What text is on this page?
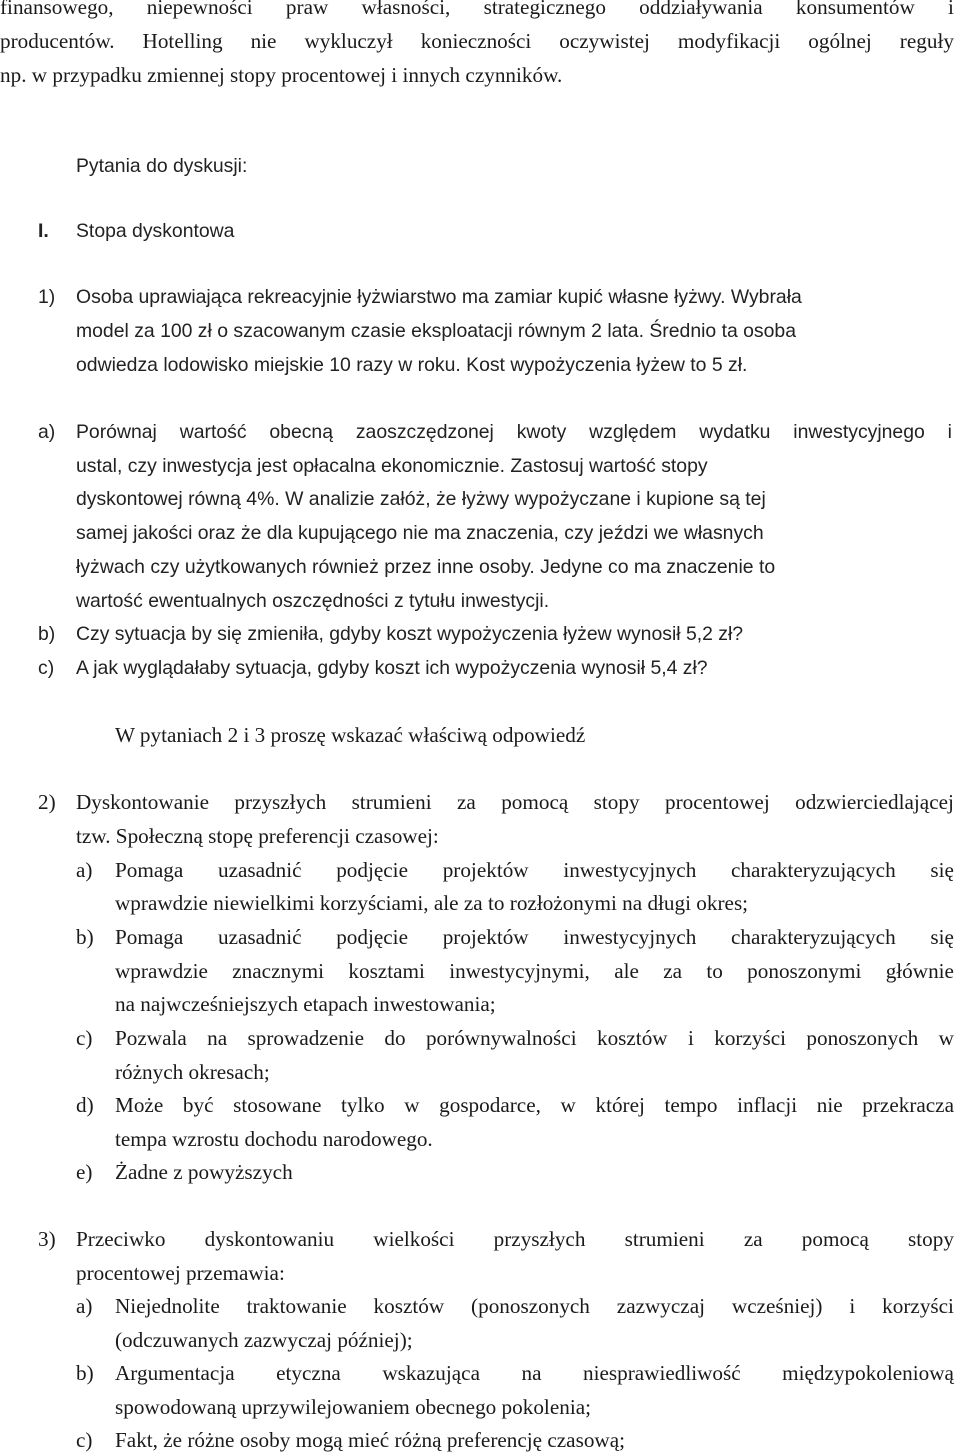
finansowego, niepewności praw własności, strategicznego oddziaływania konsumentów i
producentów. Hotelling nie wykluczył konieczności oczywistej modyfikacji ogólnej reguły
np. w przypadku zmiennej stopy procentowej i innych czynników.
Pytania do dyskusji:
I. Stopa dyskontowa
1) Osoba uprawiająca rekreacyjnie łyżwiarstwo ma zamiar kupić własne łyżwy. Wybrała
model za 100 zł o szacowanym czasie eksploatacji równym 2 lata. Średnio ta osoba
odwiedza lodowisko miejskie 10 razy w roku. Kost wypożyczenia łyżew to 5 zł.
a) Porównaj wartość obecną zaoszczędzonej kwoty względem wydatku inwestycyjnego i
ustal, czy inwestycja jest opłacalna ekonomicznie. Zastosuj wartość stopy
dyskontowej równą 4%. W analizie załóż, że łyżwy wypożyczane i kupione są tej
samej jakości oraz że dla kupującego nie ma znaczenia, czy jeździ we własnych
łyżwach czy użytkowanych również przez inne osoby. Jedyne co ma znaczenie to
wartość ewentualnych oszczędności z tytułu inwestycji.
b) Czy sytuacja by się zmieniła, gdyby koszt wypożyczenia łyżew wynosił 5,2 zł?
c) A jak wyglądałaby sytuacja, gdyby koszt ich wypożyczenia wynosił 5,4 zł?
W pytaniach 2 i 3 proszę wskazać właściwą odpowiedź
2) Dyskontowanie przyszłych strumieni za pomocą stopy procentowej odzwierciedlającej
tzw. Społeczną stopę preferencji czasowej:
a) Pomaga uzasadnić podjęcie projektów inwestycyjnych charakteryzujących się
wprawdzie niewielkimi korzyściami, ale za to rozłożonymi na długi okres;
b) Pomaga uzasadnić podjęcie projektów inwestycyjnych charakteryzujących się
wprawdzie znacznymi kosztami inwestycyjnymi, ale za to ponoszonymi głównie
na najwcześniejszych etapach inwestowania;
c) Pozwala na sprowadzenie do porównywalności kosztów i korzyści ponoszonych w
różnych okresach;
d) Może być stosowane tylko w gospodarce, w której tempo inflacji nie przekracza
tempa wzrostu dochodu narodowego.
e) Żadne z powyższych
3) Przeciwko dyskontowaniu wielkości przyszłych strumieni za pomocą stopy
procentowej przemawia:
a) Niejednolite traktowanie kosztów (ponoszonych zazwyczaj wcześniej) i korzyści
(odczuwanych zazwyczaj później);
b) Argumentacja etyczna wskazująca na niesprawiedliwość międzypokoleniową
spowodowaną uprzywilejowaniem obecnego pokolenia;
c) Fakt, że różne osoby mogą mieć różną preferencję czasową;
